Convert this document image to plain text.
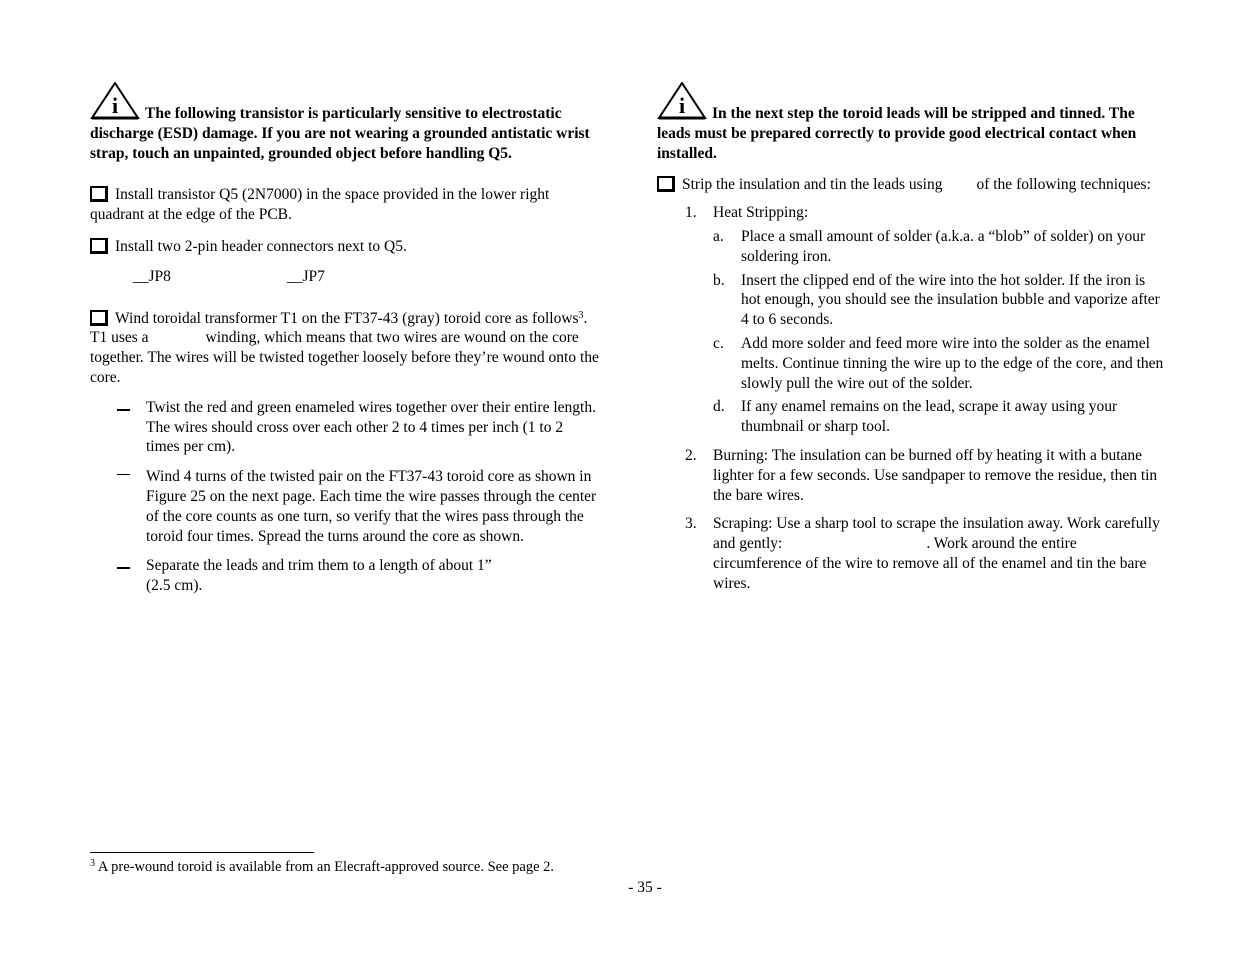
i The following transistor is particularly sensitive to electrostatic discharge (ESD) damage. If you are not wearing a grounded antistatic wrist strap, touch an unpainted, grounded object before handling Q5.

Install transistor Q5 (2N7000) in the space provided in the lower right quadrant at the edge of the PCB.

Install two 2-pin header connectors next to Q5.

__JP8	__JP7

Wind toroidal transformer T1 on the FT37-43 (gray) toroid core as follows$^3$. T1 uses a	winding, which means that two wires are wound on the core together. The wires will be twisted together loosely before they’re wound onto the core.

Twist the red and green enameled wires together over their entire length. The wires should cross over each other 2 to 4 times per inch (1 to 2 times per cm).

Wind 4 turns of the twisted pair on the FT37-43 toroid core as shown in Figure 25 on the next page. Each time the wire passes through the center of the core counts as one turn, so verify that the wires pass through the toroid four times. Spread the turns around the core as shown.

Separate the leads and trim them to a length of about 1” (2.5 cm).

i In the next step the toroid leads will be stripped and tinned. The leads must be prepared correctly to provide good electrical contact when installed.

Strip the insulation and tin the leads using of the following techniques:

1. Heat Stripping:

a. Place a small amount of solder (a.k.a. a “blob” of solder) on your soldering iron.

b. Insert the clipped end of the wire into the hot solder. If the iron is hot enough, you should see the insulation bubble and vaporize after 4 to 6 seconds.

c. Add more solder and feed more wire into the solder as the enamel melts. Continue tinning the wire up to the edge of the core, and then slowly pull the wire out of the solder.

d. If any enamel remains on the lead, scrape it away using your thumbnail or sharp tool.

2. Burning: The insulation can be burned off by heating it with a butane lighter for a few seconds. Use sandpaper to remove the residue, then tin the bare wires.

3. Scraping: Use a sharp tool to scrape the insulation away. Work carefully and gently:	. Work around the entire circumference of the wire to remove all of the enamel and tin the bare wires.

$^3$ A pre-wound toroid is available from an Elecraft-approved source. See page 2.

- 35 -
